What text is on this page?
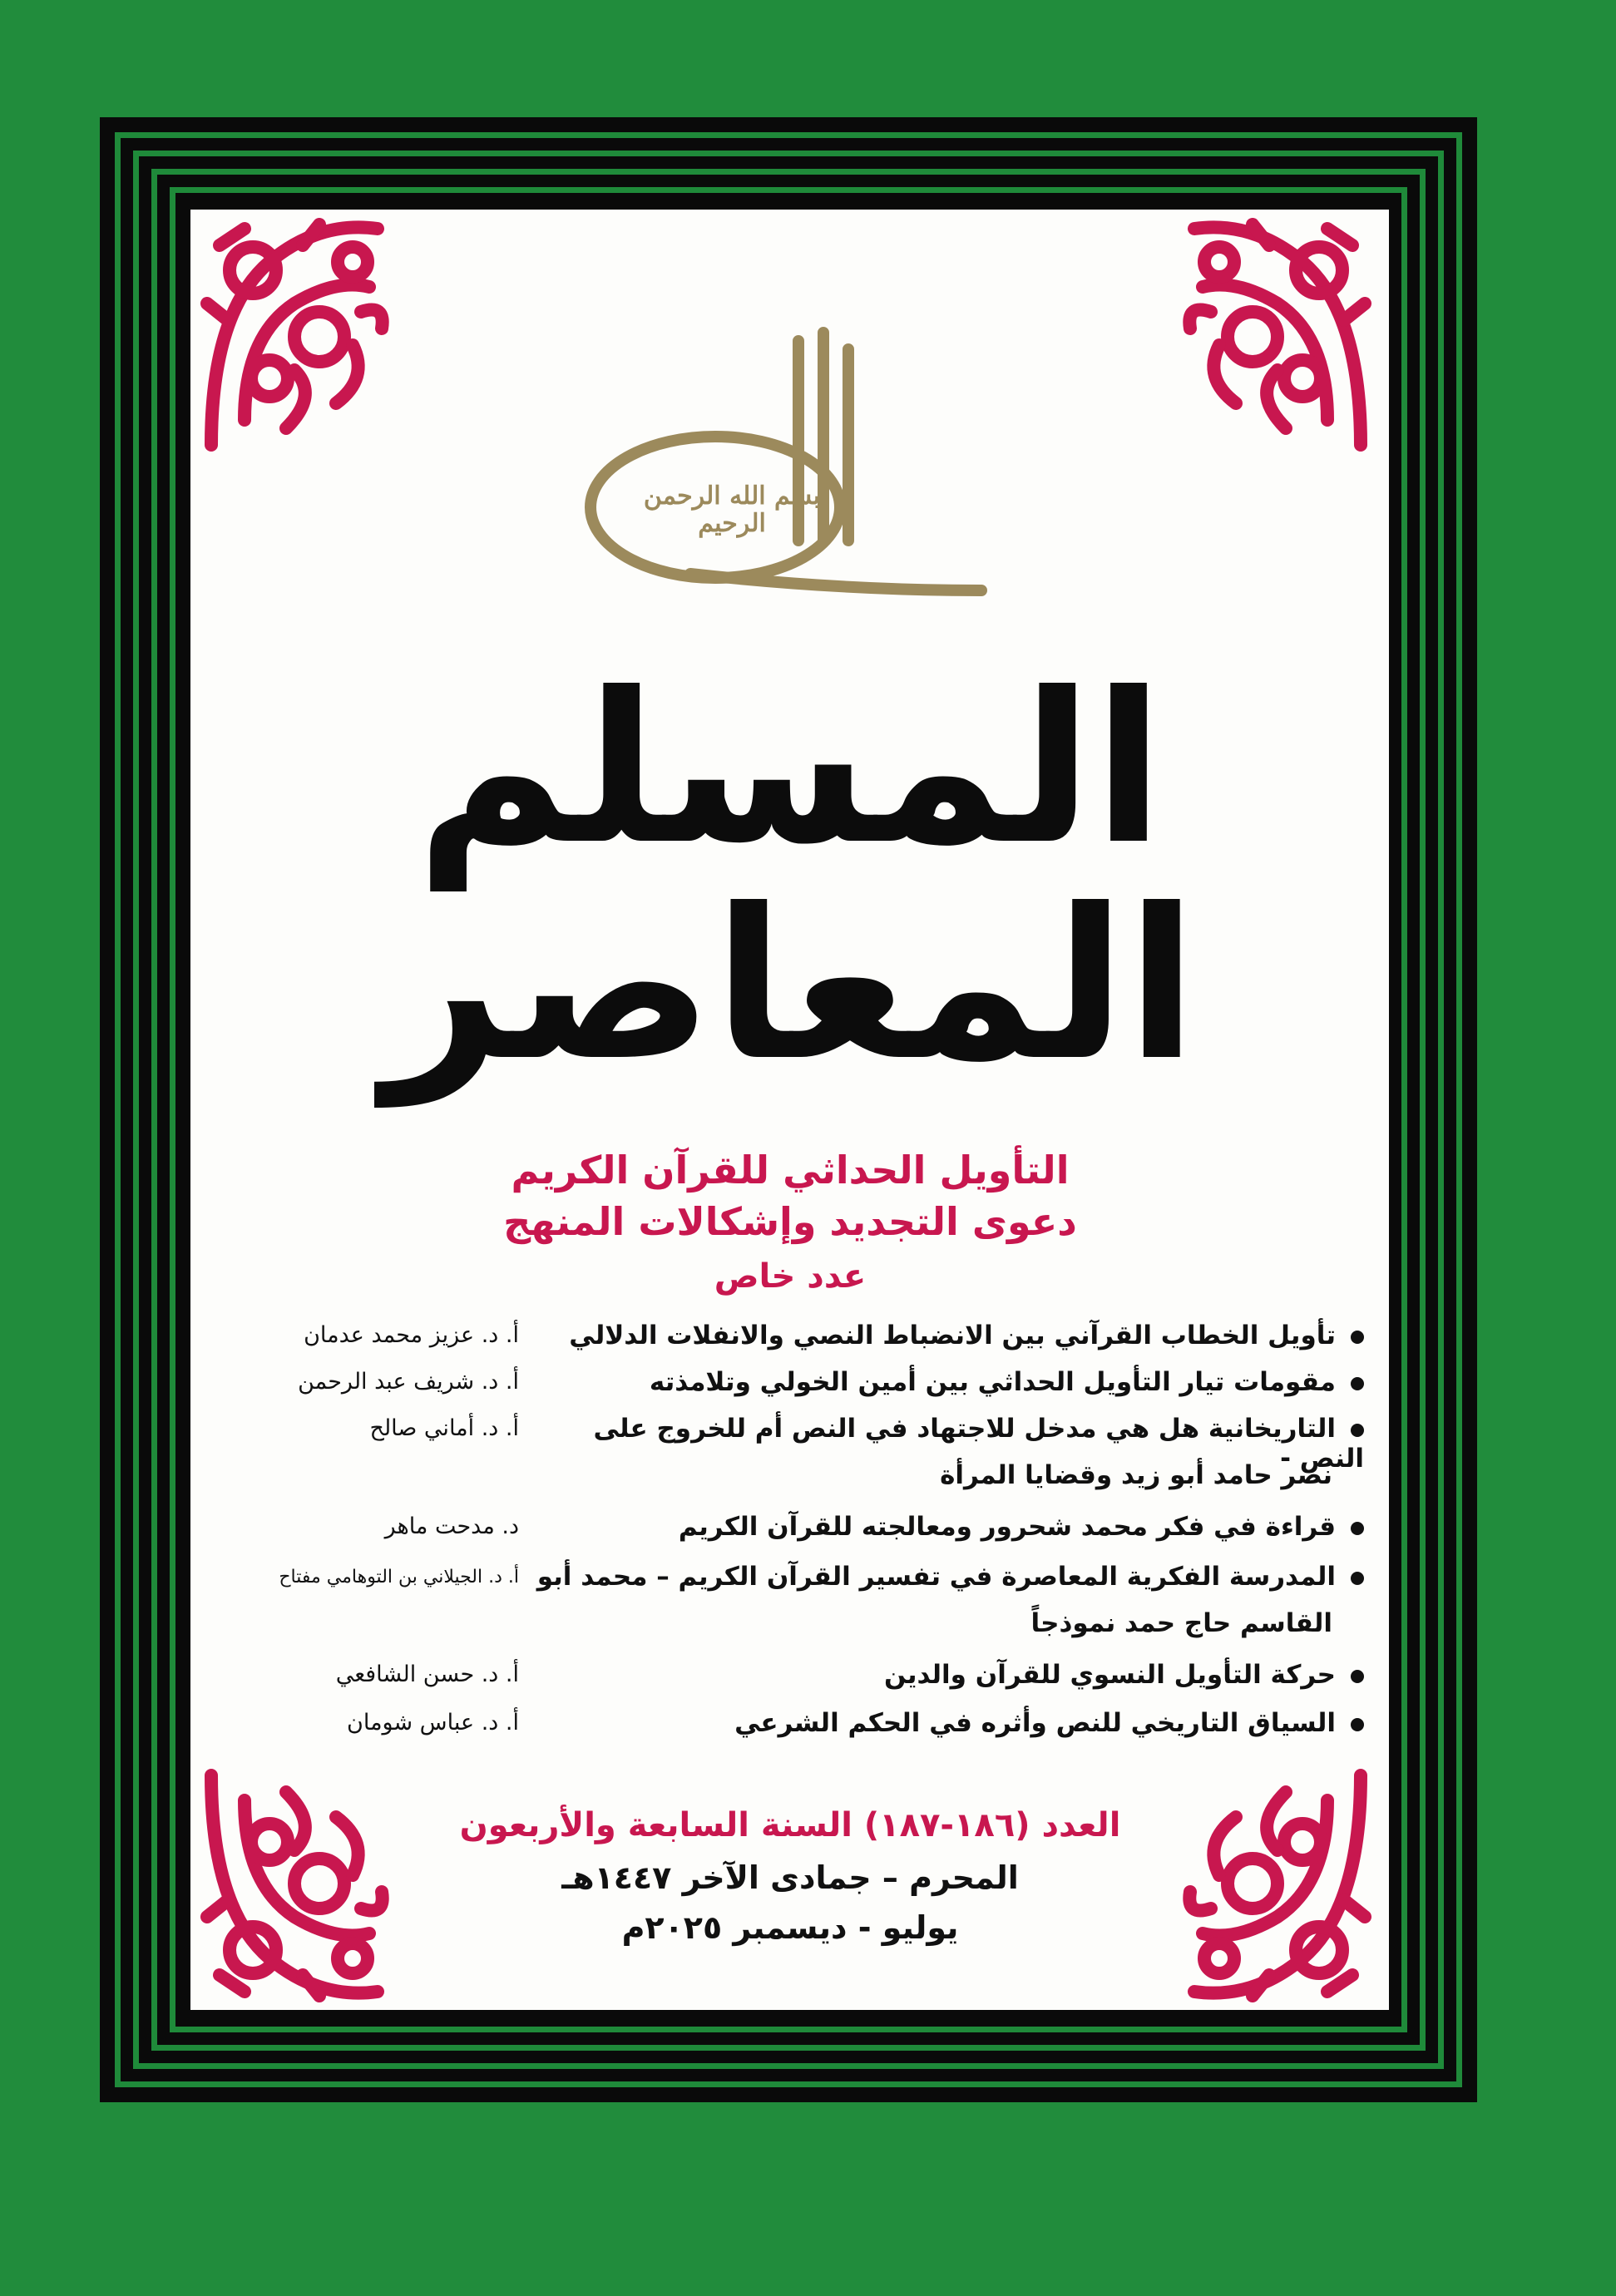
بسم الله الرحمن الرحيم
المسلم
المعاصر
التأويل الحداثي للقرآن الكريم
دعوى التجديد وإشكالات المنهج
عدد خاص
تأويل الخطاب القرآني بين الانضباط النصي والانفلات الدلالي
أ. د. عزيز محمد عدمان
مقومات تيار التأويل الحداثي بين أمين الخولي وتلامذته
أ. د. شريف عبد الرحمن
التاريخانية هل هي مدخل للاجتهاد في النص أم للخروج على النص -
نصر حامد أبو زيد وقضايا المرأة
أ. د. أماني صالح
قراءة في فكر محمد شحرور ومعالجته للقرآن الكريم
د. مدحت ماهر
المدرسة الفكرية المعاصرة في تفسير القرآن الكريم – محمد أبو
القاسم حاج حمد نموذجاً
أ. د. الجيلاني بن التوهامي مفتاح
حركة التأويل النسوي للقرآن والدين
أ. د. حسن الشافعي
السياق التاريخي للنص وأثره في الحكم الشرعي
أ. د. عباس شومان
العدد (١٨٦-١٨٧) السنة السابعة والأربعون
المحرم – جمادى الآخر ١٤٤٧هـ
يوليو - ديسمبر ٢٠٢٥م
